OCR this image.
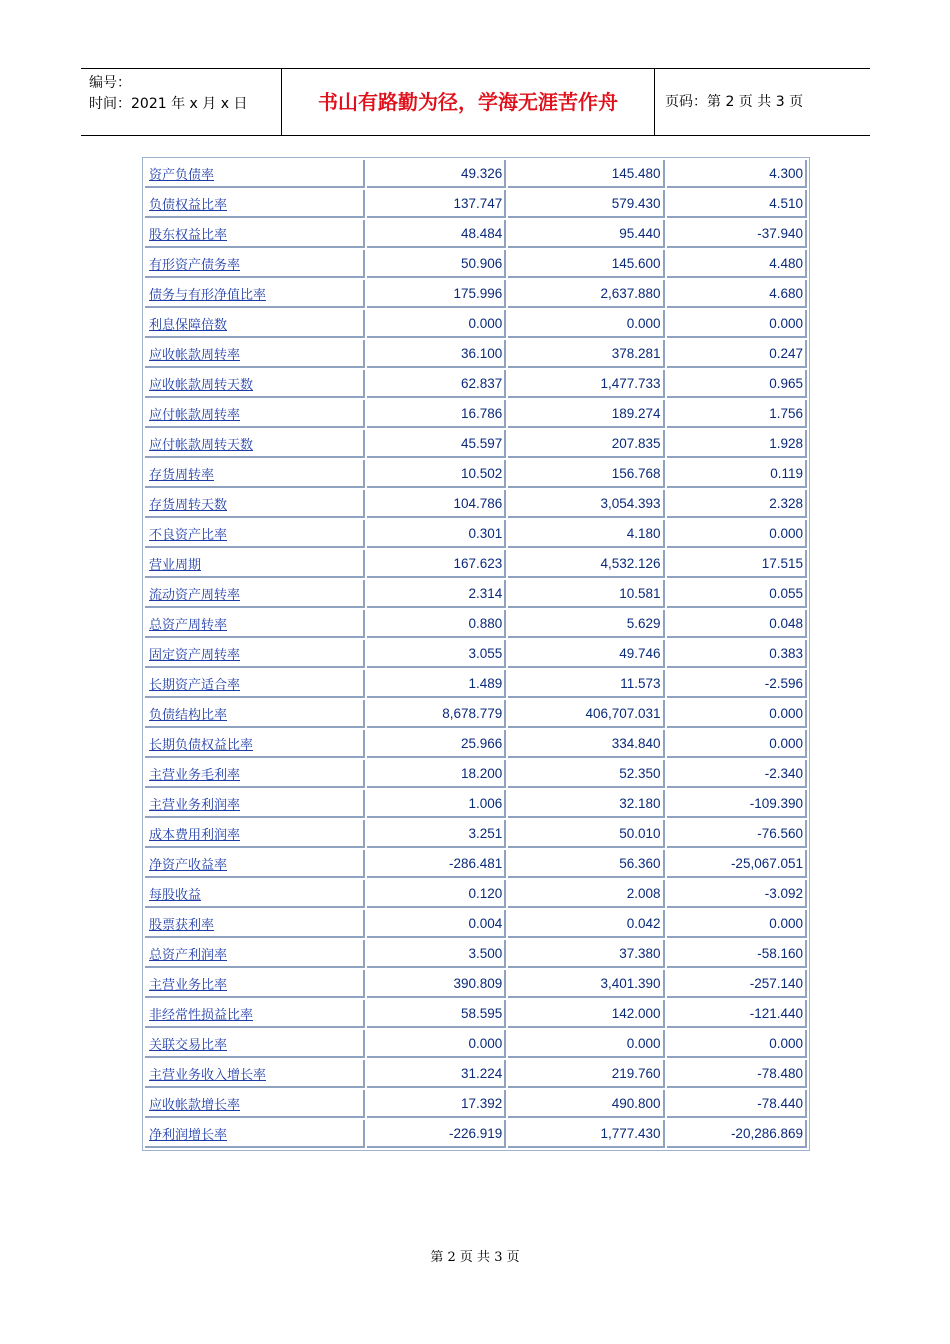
编号：
时间：2021 年 x 月 x 日	书山有路勤为径，学海无涯苦作舟	页码：第 2 页 共 3 页
资产负债率	49.326	145.480	4.300
负债权益比率	137.747	579.430	4.510
股东权益比率	48.484	95.440	-37.940
有形资产债务率	50.906	145.600	4.480
债务与有形净值比率	175.996	2,637.880	4.680
利息保障倍数	0.000	0.000	0.000
应收帐款周转率	36.100	378.281	0.247
应收帐款周转天数	62.837	1,477.733	0.965
应付帐款周转率	16.786	189.274	1.756
应付帐款周转天数	45.597	207.835	1.928
存货周转率	10.502	156.768	0.119
存货周转天数	104.786	3,054.393	2.328
不良资产比率	0.301	4.180	0.000
营业周期	167.623	4,532.126	17.515
流动资产周转率	2.314	10.581	0.055
总资产周转率	0.880	5.629	0.048
固定资产周转率	3.055	49.746	0.383
长期资产适合率	1.489	11.573	-2.596
负债结构比率	8,678.779	406,707.031	0.000
长期负债权益比率	25.966	334.840	0.000
主营业务毛利率	18.200	52.350	-2.340
主营业务利润率	1.006	32.180	-109.390
成本费用利润率	3.251	50.010	-76.560
净资产收益率	-286.481	56.360	-25,067.051
每股收益	0.120	2.008	-3.092
股票获利率	0.004	0.042	0.000
总资产利润率	3.500	37.380	-58.160
主营业务比率	390.809	3,401.390	-257.140
非经常性损益比率	58.595	142.000	-121.440
关联交易比率	0.000	0.000	0.000
主营业务收入增长率	31.224	219.760	-78.480
应收帐款增长率	17.392	490.800	-78.440
净利润增长率	-226.919	1,777.430	-20,286.869
第 2 页 共 3 页
